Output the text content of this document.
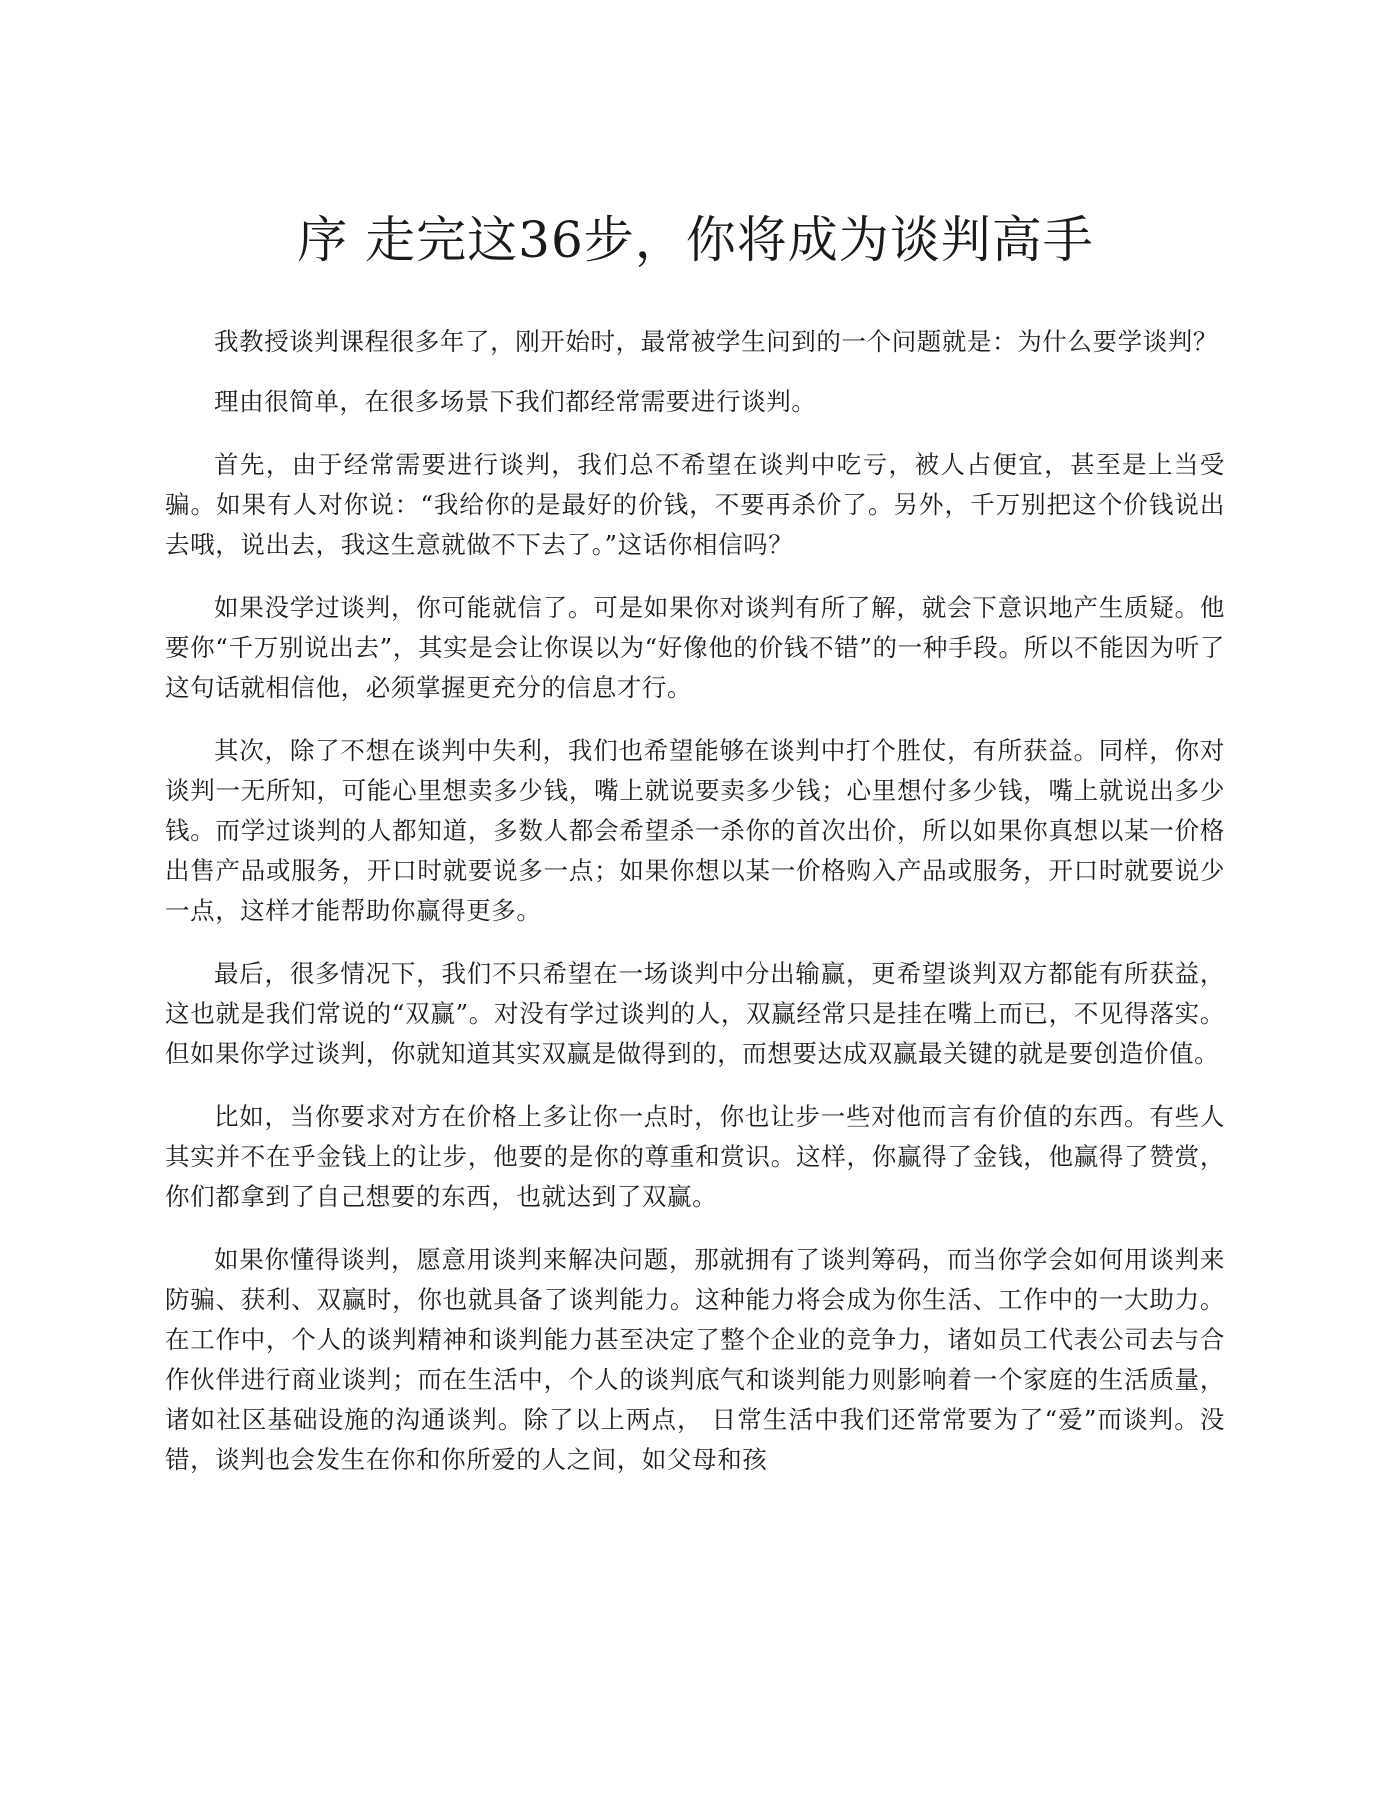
序 走完这36步，你将成为谈判高手

我教授谈判课程很多年了，刚开始时，最常被学生问到的一个问题就是：为什么要学谈判？

理由很简单，在很多场景下我们都经常需要进行谈判。

首先，由于经常需要进行谈判，我们总不希望在谈判中吃亏，被人占便宜，甚至是上当受骗。如果有人对你说：“我给你的是最好的价钱，不要再杀价了。另外，千万别把这个价钱说出去哦，说出去，我这生意就做不下去了。”这话你相信吗？

如果没学过谈判，你可能就信了。可是如果你对谈判有所了解，就会下意识地产生质疑。他要你“千万别说出去”，其实是会让你误以为“好像他的价钱不错”的一种手段。所以不能因为听了这句话就相信他，必须掌握更充分的信息才行。

其次，除了不想在谈判中失利，我们也希望能够在谈判中打个胜仗，有所获益。同样，你对谈判一无所知，可能心里想卖多少钱，嘴上就说要卖多少钱；心里想付多少钱，嘴上就说出多少钱。而学过谈判的人都知道，多数人都会希望杀一杀你的首次出价，所以如果你真想以某一价格出售产品或服务，开口时就要说多一点；如果你想以某一价格购入产品或服务，开口时就要说少一点，这样才能帮助你赢得更多。

最后，很多情况下，我们不只希望在一场谈判中分出输赢，更希望谈判双方都能有所获益，这也就是我们常说的“双赢”。对没有学过谈判的人，双赢经常只是挂在嘴上而已，不见得落实。但如果你学过谈判，你就知道其实双赢是做得到的，而想要达成双赢最关键的就是要创造价值。

比如，当你要求对方在价格上多让你一点时，你也让步一些对他而言有价值的东西。有些人其实并不在乎金钱上的让步，他要的是你的尊重和赏识。这样，你赢得了金钱，他赢得了赞赏，你们都拿到了自己想要的东西，也就达到了双赢。

如果你懂得谈判，愿意用谈判来解决问题，那就拥有了谈判筹码，而当你学会如何用谈判来防骗、获利、双赢时，你也就具备了谈判能力。这种能力将会成为你生活、工作中的一大助力。在工作中，个人的谈判精神和谈判能力甚至决定了整个企业的竞争力，诸如员工代表公司去与合作伙伴进行商业谈判；而在生活中，个人的谈判底气和谈判能力则影响着一个家庭的生活质量，诸如社区基础设施的沟通谈判。除了以上两点， 日常生活中我们还常常要为了“爱”而谈判。没错，谈判也会发生在你和你所爱的人之间，如父母和孩
